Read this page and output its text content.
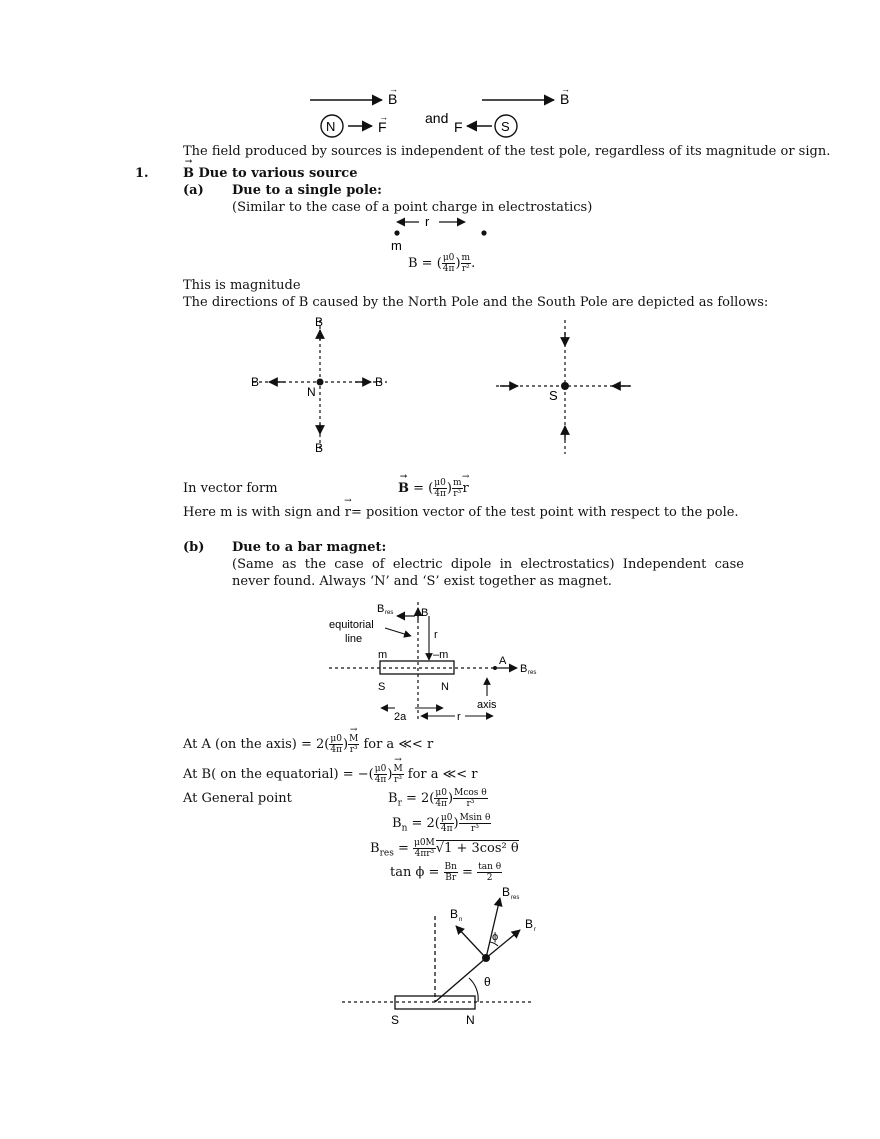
B
→
B
→
N	F
→	and
F	S
The field produced by sources is independent of the test pole, regardless of its magnitude or sign.
1.
→	B Due to various source
(a) Due to a single pole:
(Similar to the case of a point charge in electrostatics)
r
m
B = ( $\frac{\mu 0}{4\pi}$ ) $\frac{m}{\text{r²}}$ .
This is magnitude
The directions of B caused by the North Pole and the South Pole are depicted as follows:
B
B
B	B
N	S
In vector form
→	B = ( $\frac{\mu 0}{4\pi}$ ) $\frac{m}{\text{r³}}$
→ r
Here m is with sign and → r= position vector of the test point with respect to the pole.
(b) Due to a bar magnet:
(Same as the case of electric dipole in electrostatics) Independent case never found. Always ‘N’ and ‘S’ exist together as magnet.
B res	B
r
equitorial
line
m	–m
S	N
A
B res
axis
2a	r
At A (on the axis) = $2( \frac{\mu 0}{4\pi}$ )
→ $\frac{M}{\text{r³}}$ for a ≪< r
At B( on the equatorial) = −( $\frac{\mu 0}{4\pi}$ )
→ $\frac{M}{\text{r³}}$ for a ≪< r
At General point	$B_r = 2( \frac{\mu 0}{4\pi}$ ) $\frac{\text{Mcos θ}}{\text{r³}}$
$B_n = 2( \frac{\mu 0}{4\pi}$ ) $\frac{\text{Msin θ}}{\text{r³}}$
$B_{res} = \frac{\mu 0M}{\text{4πr³}} √1 + 3\cos^2$ θ
$\tan \phi = \frac{Bn}{Br} = \frac{\text{tan θ}}{2}$
B res
B n	B r
ϕ
θ
S	N
